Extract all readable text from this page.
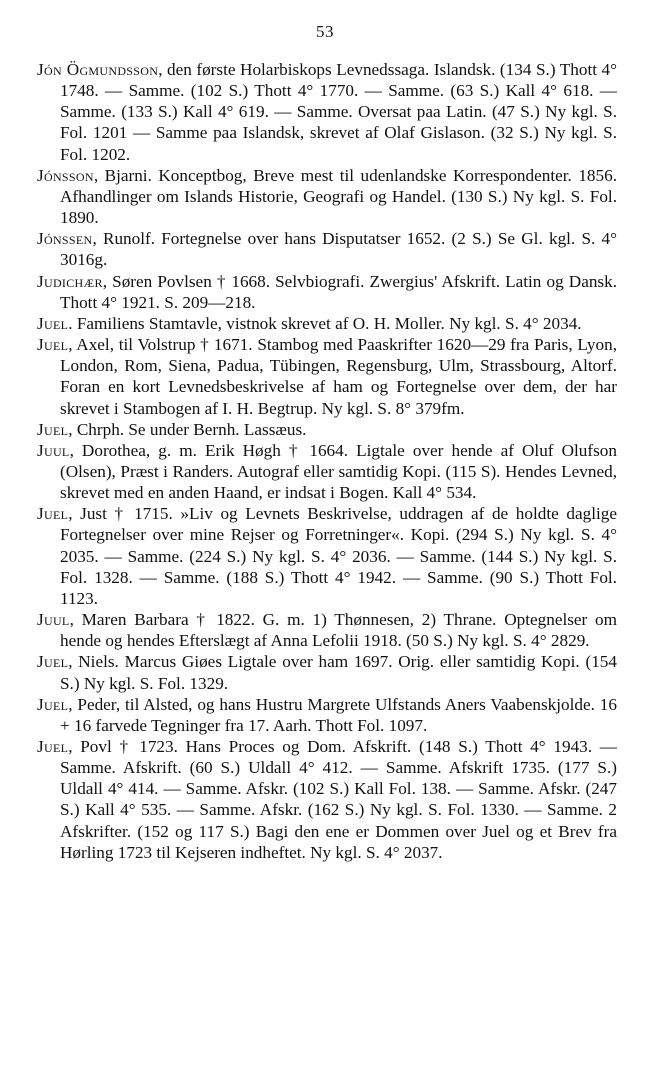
53

Jón Ögmundsson, den første Holarbiskops Levnedssaga. Islandsk. (134 S.) Thott 4° 1748. — Samme. (102 S.) Thott 4° 1770. — Samme. (63 S.) Kall 4° 618. — Samme. (133 S.) Kall 4° 619. — Samme. Oversat paa Latin. (47 S.) Ny kgl. S. Fol. 1201 — Samme paa Islandsk, skrevet af Olaf Gislason. (32 S.) Ny kgl. S. Fol. 1202.

Jónsson, Bjarni. Konceptbog, Breve mest til udenlandske Korrespondenter. 1856. Afhandlinger om Islands Historie, Geografi og Handel. (130 S.) Ny kgl. S. Fol. 1890.

Jónssen, Runolf. Fortegnelse over hans Disputatser 1652. (2 S.) Se Gl. kgl. S. 4° 3016g.

Judichær, Søren Povlsen † 1668. Selvbiografi. Zwergius' Afskrift. Latin og Dansk. Thott 4° 1921. S. 209—218.

Juel. Familiens Stamtavle, vistnok skrevet af O. H. Moller. Ny kgl. S. 4° 2034.

Juel, Axel, til Volstrup † 1671. Stambog med Paaskrifter 1620—29 fra Paris, Lyon, London, Rom, Siena, Padua, Tübingen, Regensburg, Ulm, Strassbourg, Altorf. Foran en kort Levnedsbeskrivelse af ham og Fortegnelse over dem, der har skrevet i Stambogen af I. H. Begtrup. Ny kgl. S. 8° 379fm.

Juel, Chrph. Se under Bernh. Lassæus.

Juul, Dorothea, g. m. Erik Høgh † 1664. Ligtale over hende af Oluf Olufson (Olsen), Præst i Randers. Autograf eller samtidig Kopi. (115 S). Hendes Levned, skrevet med en anden Haand, er indsat i Bogen. Kall 4° 534.

Juel, Just † 1715. »Liv og Levnets Beskrivelse, uddragen af de holdte daglige Fortegnelser over mine Rejser og Forretninger«. Kopi. (294 S.) Ny kgl. S. 4° 2035. — Samme. (224 S.) Ny kgl. S. 4° 2036. — Samme. (144 S.) Ny kgl. S. Fol. 1328. — Samme. (188 S.) Thott 4° 1942. — Samme. (90 S.) Thott Fol. 1123.

Juul, Maren Barbara † 1822. G. m. 1) Thønnesen, 2) Thrane. Optegnelser om hende og hendes Efterslægt af Anna Lefolii 1918. (50 S.) Ny kgl. S. 4° 2829.

Juel, Niels. Marcus Giøes Ligtale over ham 1697. Orig. eller samtidig Kopi. (154 S.) Ny kgl. S. Fol. 1329.

Juel, Peder, til Alsted, og hans Hustru Margrete Ulfstands Aners Vaabenskjolde. 16 + 16 farvede Tegninger fra 17. Aarh. Thott Fol. 1097.

Juel, Povl † 1723. Hans Proces og Dom. Afskrift. (148 S.) Thott 4° 1943. — Samme. Afskrift. (60 S.) Uldall 4° 412. — Samme. Afskrift 1735. (177 S.) Uldall 4° 414. — Samme. Afskr. (102 S.) Kall Fol. 138. — Samme. Afskr. (247 S.) Kall 4° 535. — Samme. Afskr. (162 S.) Ny kgl. S. Fol. 1330. — Samme. 2 Afskrifter. (152 og 117 S.) Bagi den ene er Dommen over Juel og et Brev fra Hørling 1723 til Kejseren indheftet. Ny kgl. S. 4° 2037.
